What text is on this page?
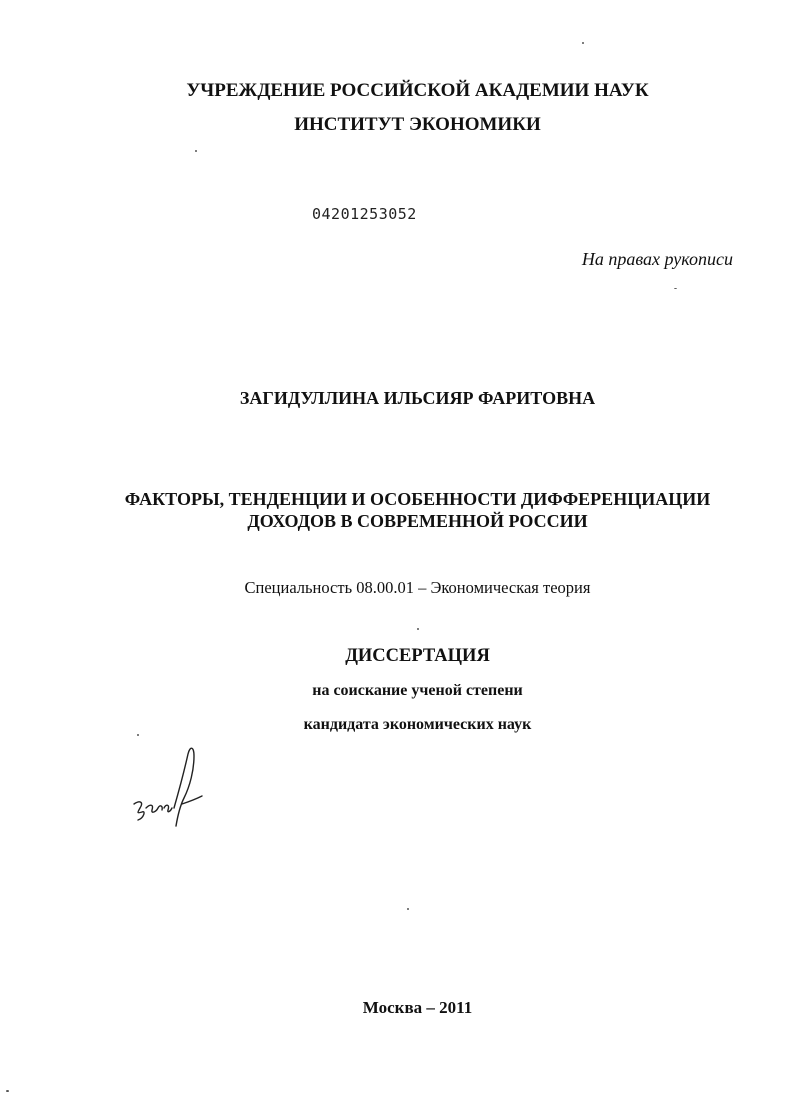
УЧРЕЖДЕНИЕ РОССИЙСКОЙ АКАДЕМИИ НАУК
ИНСТИТУТ ЭКОНОМИКИ
04201253052
На правах рукописи
ЗАГИДУЛЛИНА ИЛЬСИЯР ФАРИТОВНА
ФАКТОРЫ, ТЕНДЕНЦИИ И ОСОБЕННОСТИ ДИФФЕРЕНЦИАЦИИ
ДОХОДОВ В СОВРЕМЕННОЙ РОССИИ
Специальность 08.00.01 – Экономическая теория
ДИССЕРТАЦИЯ
на соискание ученой степени
кандидата экономических наук
Москва – 2011
